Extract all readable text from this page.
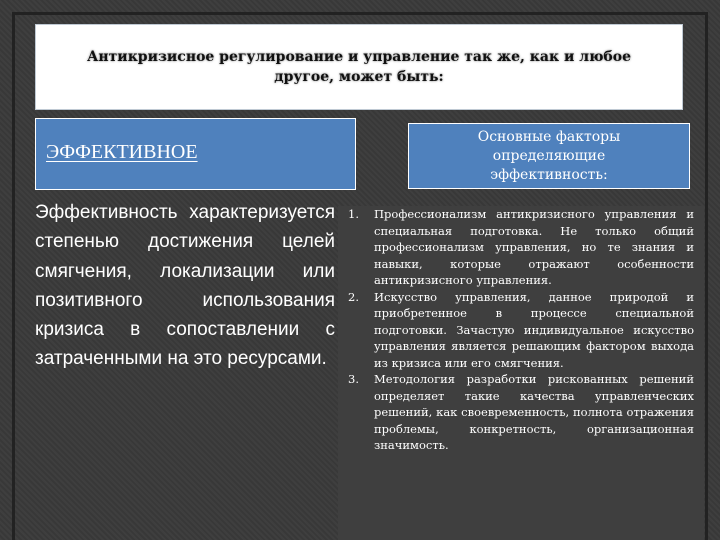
Антикризисное регулирование и управление так же, как и любое другое, может быть:
ЭФФЕКТИВНОЕ
Основные факторы определяющие эффективность:
Эффективность характеризуется степенью достижения целей смягчения, локализации или позитивного использования кризиса в сопоставлении с затраченными на это ресурсами.
1. Профессионализм антикризисного управления и специальная подготовка. Не только общий профессионализм управления, но те знания и навыки, которые отражают особенности антикризисного управления.
2. Искусство управления, данное природой и приобретенное в процессе специальной подготовки. Зачастую индивидуальное искусство управления является решающим фактором выхода из кризиса или его смягчения.
3. Методология разработки рискованных решений определяет такие качества управленческих решений, как своевременность, полнота отражения проблемы, конкретность, организационная значимость.
